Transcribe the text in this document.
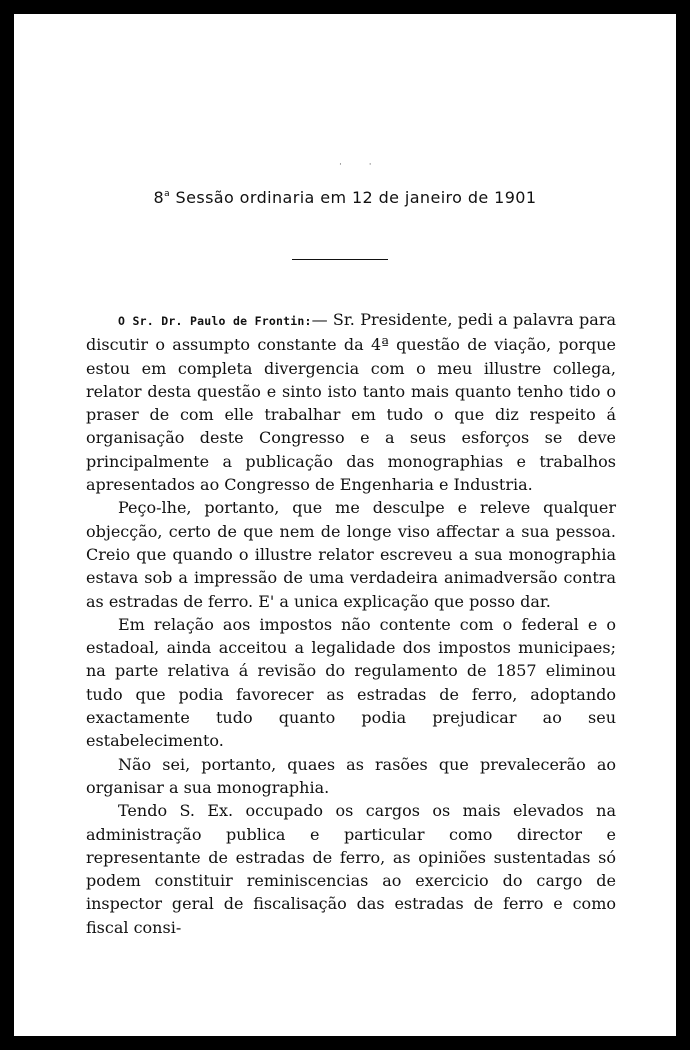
· ·
$8^a$ Sessão ordinaria em 12 de janeiro de 1901

O Sr. Dr. Paulo de Frontin:— Sr. Presidente, pedi a palavra para discutir o assumpto constante da 4ª questão de viação, porque estou em completa divergencia com o meu illustre collega, relator desta questão e sinto isto tanto mais quanto tenho tido o praser de com elle trabalhar em tudo o que diz respeito á organisação deste Congresso e a seus esforços se deve principalmente a publicação das monographias e trabalhos apresentados ao Congresso de Engenharia e Industria.

Peço-lhe, portanto, que me desculpe e releve qualquer objecção, certo de que nem de longe viso affectar a sua pessoa. Creio que quando o illustre relator escreveu a sua monographia estava sob a impressão de uma verdadeira animadversão contra as estradas de ferro. E' a unica explicação que posso dar.

Em relação aos impostos não contente com o federal e o estadoal, ainda acceitou a legalidade dos impostos municipaes; na parte relativa á revisão do regulamento de 1857 eliminou tudo que podia favorecer as estradas de ferro, adoptando exactamente tudo quanto podia prejudicar ao seu estabelecimento.

Não sei, portanto, quaes as rasões que prevalecerão ao organisar a sua monographia.

Tendo S. Ex. occupado os cargos os mais elevados na administração publica e particular como director e representante de estradas de ferro, as opiniões sustentadas só podem constituir reminiscencias ao exercicio do cargo de inspector geral de fiscalisação das estradas de ferro e como fiscal consi-
